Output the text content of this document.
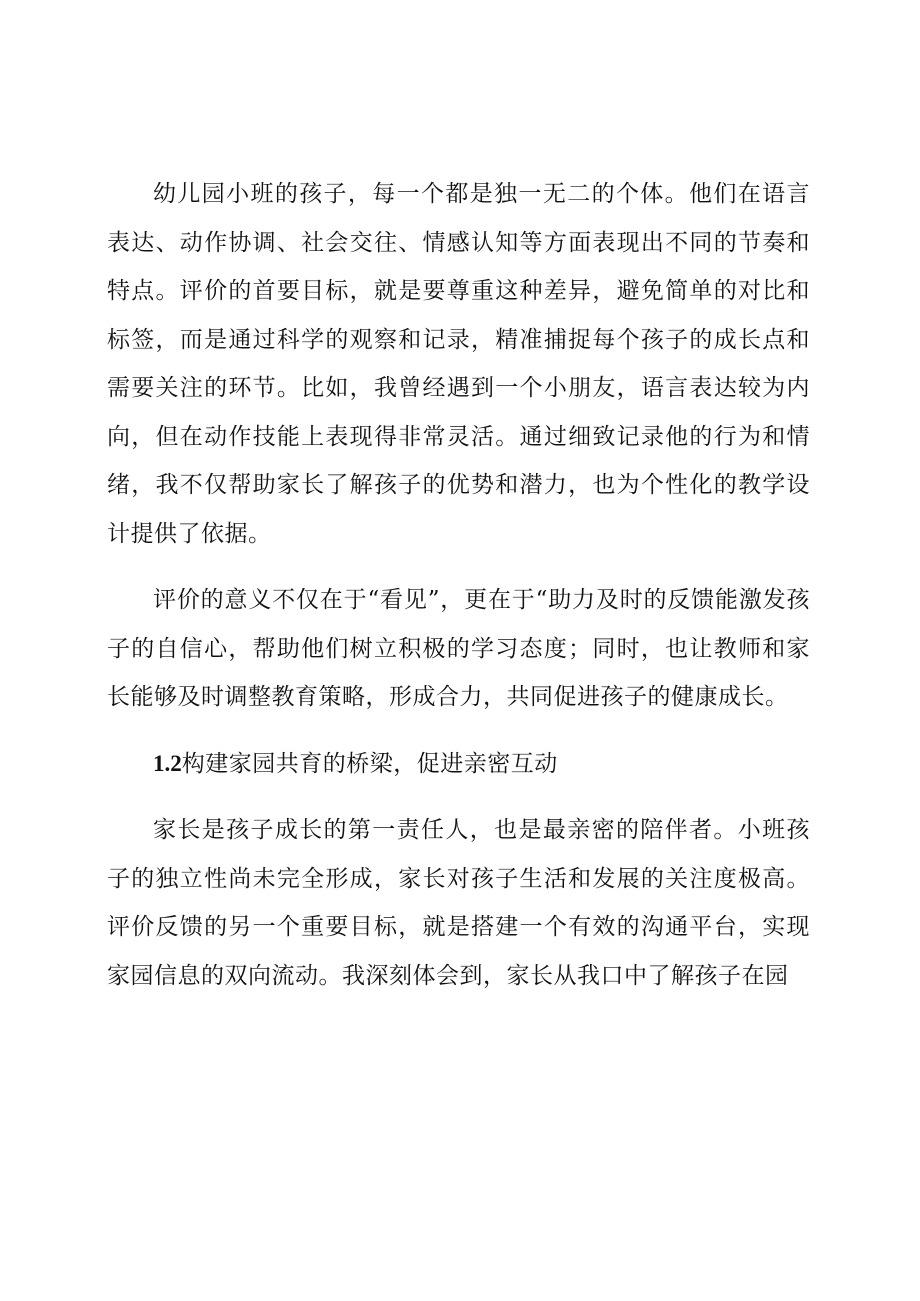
幼儿园小班的孩子，每一个都是独一无二的个体。他们在语言表达、动作协调、社会交往、情感认知等方面表现出不同的节奏和特点。评价的首要目标，就是要尊重这种差异，避免简单的对比和标签，而是通过科学的观察和记录，精准捕捉每个孩子的成长点和需要关注的环节。比如，我曾经遇到一个小朋友，语言表达较为内向，但在动作技能上表现得非常灵活。通过细致记录他的行为和情绪，我不仅帮助家长了解孩子的优势和潜力，也为个性化的教学设计提供了依据。

评价的意义不仅在于“看见”，更在于“助力及时的反馈能激发孩子的自信心，帮助他们树立积极的学习态度；同时，也让教师和家长能够及时调整教育策略，形成合力，共同促进孩子的健康成长。

1.2构建家园共育的桥梁，促进亲密互动

家长是孩子成长的第一责任人，也是最亲密的陪伴者。小班孩子的独立性尚未完全形成，家长对孩子生活和发展的关注度极高。评价反馈的另一个重要目标，就是搭建一个有效的沟通平台，实现家园信息的双向流动。我深刻体会到，家长从我口中了解孩子在园
